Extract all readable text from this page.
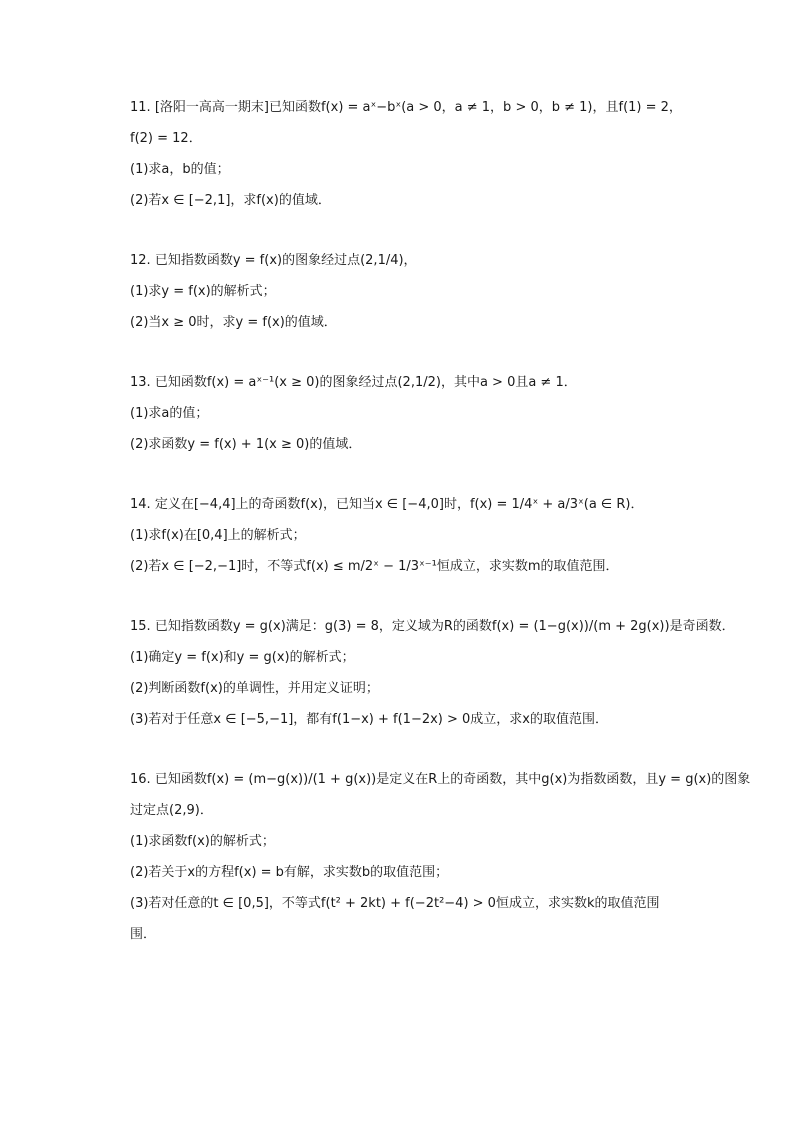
11. [洛阳一高高一期末]已知函数f(x) = aˣ−bˣ(a > 0，a ≠ 1，b > 0，b ≠ 1)，且f(1) = 2，

f(2) = 12．

(1)求a，b的值；

(2)若x ∈ [−2,1]，求f(x)的值域．

12. 已知指数函数y = f(x)的图象经过点(2,1/4)，

(1)求y = f(x)的解析式；

(2)当x ≥ 0时，求y = f(x)的值域．

13. 已知函数f(x) = aˣ⁻¹(x ≥ 0)的图象经过点(2,1/2)，其中a > 0且a ≠ 1．

(1)求a的值；

(2)求函数y = f(x) + 1(x ≥ 0)的值域．

14. 定义在[−4,4]上的奇函数f(x)，已知当x ∈ [−4,0]时，f(x) = 1/4ˣ + a/3ˣ(a ∈ R)．

(1)求f(x)在[0,4]上的解析式；

(2)若x ∈ [−2,−1]时，不等式f(x) ≤ m/2ˣ − 1/3ˣ⁻¹恒成立，求实数m的取值范围．

15. 已知指数函数y = g(x)满足：g(3) = 8，定义域为R的函数f(x) = (1−g(x))/(m + 2g(x))是奇函数．

(1)确定y = f(x)和y = g(x)的解析式；

(2)判断函数f(x)的单调性，并用定义证明；

(3)若对于任意x ∈ [−5,−1]，都有f(1−x) + f(1−2x) > 0成立，求x的取值范围．

16. 已知函数f(x) = (m−g(x))/(1 + g(x))是定义在R上的奇函数，其中g(x)为指数函数，且y = g(x)的图象

过定点(2,9)．

(1)求函数f(x)的解析式；

(2)若关于x的方程f(x) = b有解，求实数b的取值范围；

(3)若对任意的t ∈ [0,5]，不等式f(t² + 2kt) + f(−2t²−4) > 0恒成立，求实数k的取值范围

围．
